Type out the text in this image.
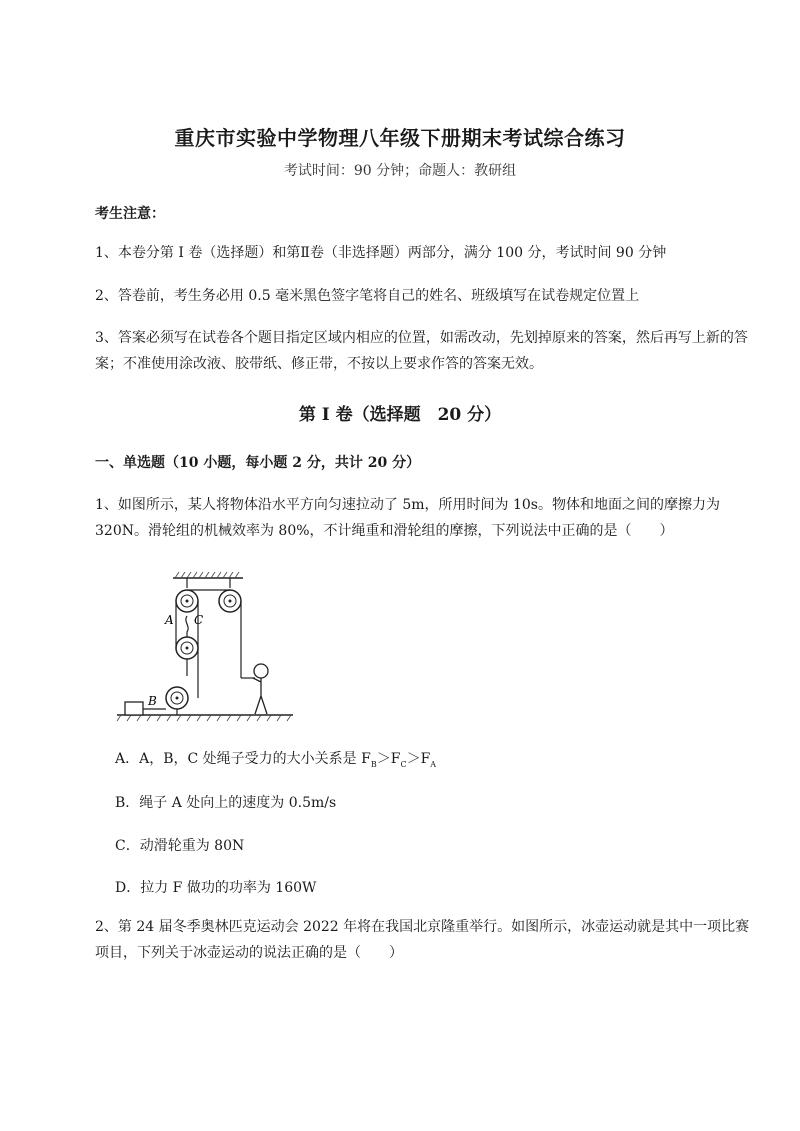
重庆市实验中学物理八年级下册期末考试综合练习
考试时间：90 分钟；命题人：教研组
考生注意：
1、本卷分第 I 卷（选择题）和第Ⅱ卷（非选择题）两部分，满分 100 分，考试时间 90 分钟
2、答卷前，考生务必用 0.5 毫米黑色签字笔将自己的姓名、班级填写在试卷规定位置上
3、答案必须写在试卷各个题目指定区域内相应的位置，如需改动，先划掉原来的答案，然后再写上新的答案；不准使用涂改液、胶带纸、修正带，不按以上要求作答的答案无效。
第 I 卷（选择题　20 分）
一、单选题（10 小题，每小题 2 分，共计 20 分）
1、如图所示，某人将物体沿水平方向匀速拉动了 5m，所用时间为 10s。物体和地面之间的摩擦力为 320N。滑轮组的机械效率为 80%，不计绳重和滑轮组的摩擦，下列说法中正确的是（　　）
A C
B
A．A，B，C 处绳子受力的大小关系是 $F_B>F_C>F_A$
B．绳子 A 处向上的速度为 0.5m/s
C．动滑轮重为 80N
D．拉力 F 做功的功率为 160W
2、第 24 届冬季奥林匹克运动会 2022 年将在我国北京隆重举行。如图所示，冰壶运动就是其中一项比赛项目，下列关于冰壶运动的说法正确的是（　　）
